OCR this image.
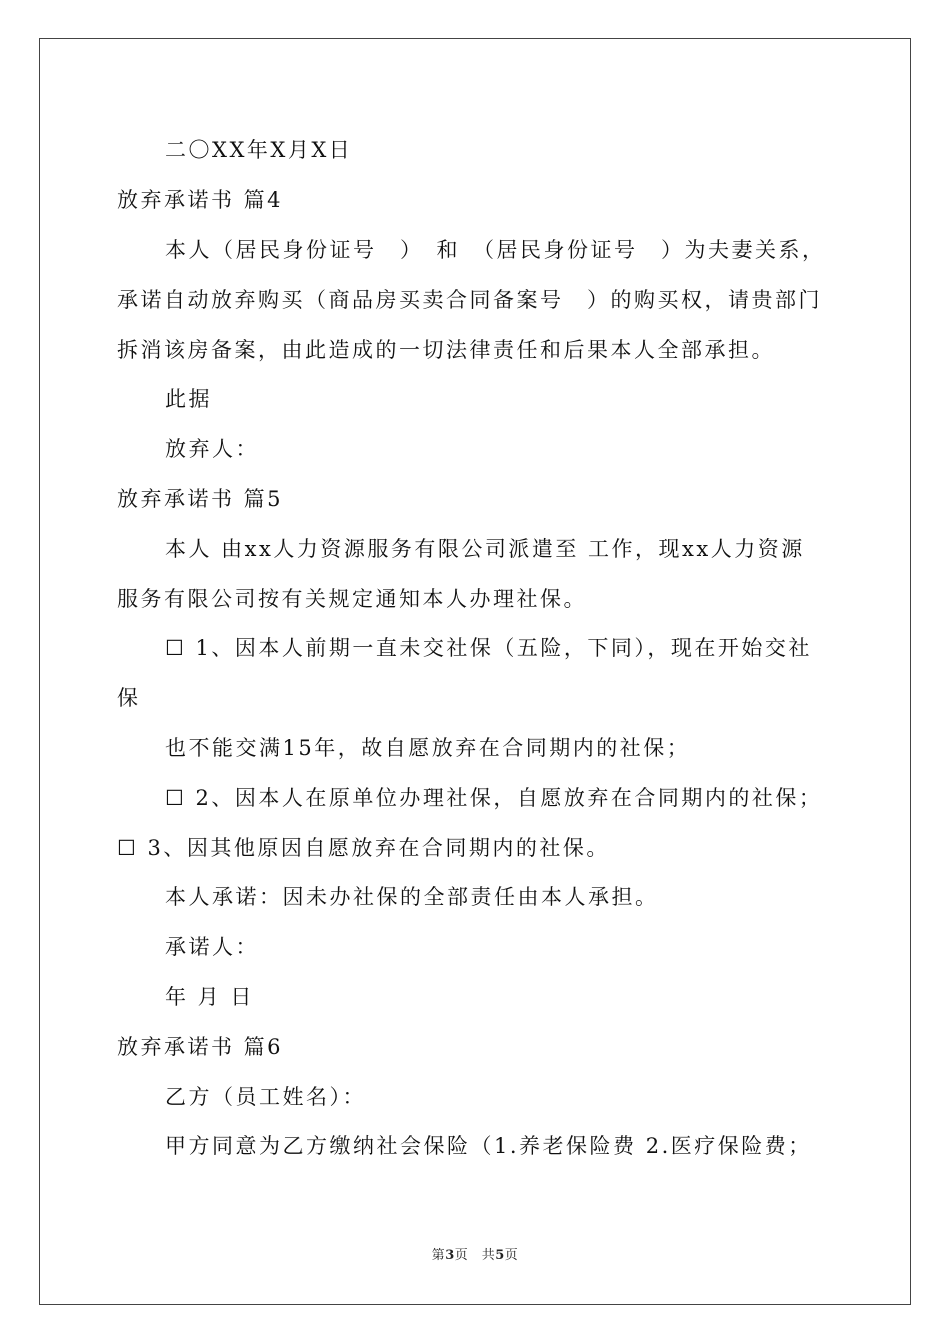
二〇XX年X月X日
放弃承诺书 篇4
本人（居民身份证号　）　和　（居民身份证号　）为夫妻关系，
承诺自动放弃购买（商品房买卖合同备案号　）的购买权，请贵部门
拆消该房备案，由此造成的一切法律责任和后果本人全部承担。
此据
放弃人：
放弃承诺书 篇5
本人 由xx人力资源服务有限公司派遣至 工作，现xx人力资源
服务有限公司按有关规定通知本人办理社保。
☐ 1、因本人前期一直未交社保（五险，下同），现在开始交社
保
也不能交满15年，故自愿放弃在合同期内的社保；
☐ 2、因本人在原单位办理社保，自愿放弃在合同期内的社保；
☐ 3、因其他原因自愿放弃在合同期内的社保。
本人承诺：因未办社保的全部责任由本人承担。
承诺人：
年 月 日
放弃承诺书 篇6
乙方（员工姓名）：
甲方同意为乙方缴纳社会保险（1.养老保险费 2.医疗保险费；
第3页　共5页
